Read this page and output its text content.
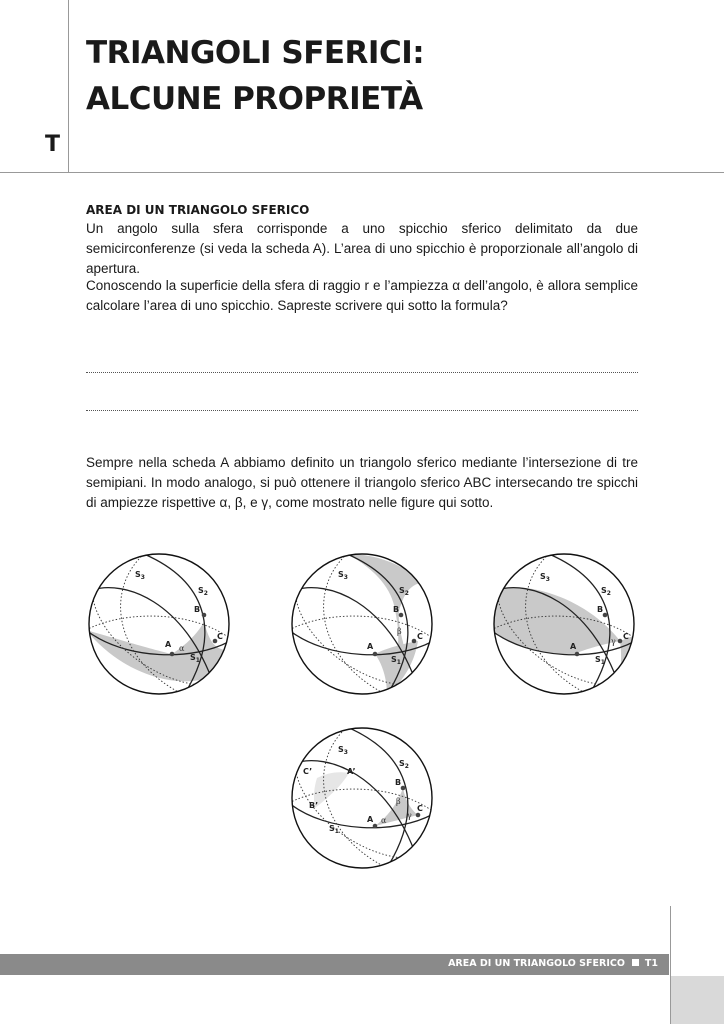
TRIANGOLI SFERICI:
ALCUNE PROPRIETÀ
T
AREA DI UN TRIANGOLO SFERICO

Un angolo sulla sfera corrisponde a uno spicchio sferico delimitato da due semicirconferenze (si veda la scheda A). L’area di uno spicchio è proporzionale all’angolo di apertura.

Conoscendo la superficie della sfera di raggio r e l’ampiezza α dell’angolo, è allora semplice calcolare l’area di uno spicchio. Sapreste scrivere qui sotto la formula?

Sempre nella scheda A abbiamo definito un triangolo sferico mediante l’intersezione di tre semipiani. In modo analogo, si può ottenere il triangolo sferico ABC intersecando tre spicchi di ampiezze rispettive α, β, e γ, come mostrato nelle figure qui sotto.

$S_3$
$S_2$
$S_1$
A
B
C
α
$S_3$
$S_2$
$S_1$
A
B
C
β
$S_3$
$S_2$
$S_1$
A
B
C
γ
$S_3$
$S_2$
$S_1$
A
B
C
A’
B’
C’
α
β
γ
AREA DI UN TRIANGOLO SFERICO T1
